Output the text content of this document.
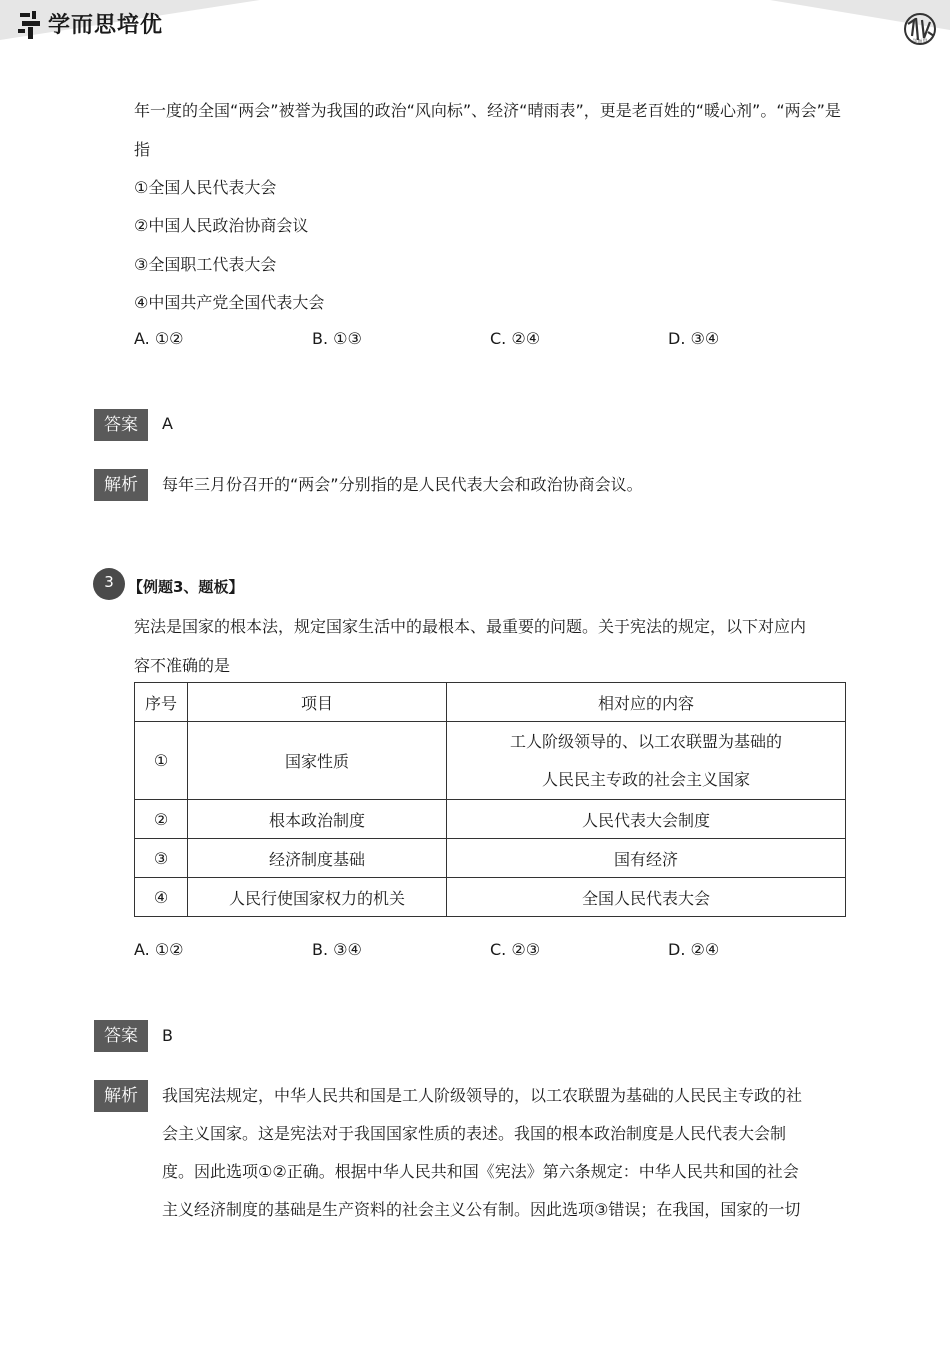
学而思培优
学而思
年一度的全国“两会”被誉为我国的政治“风向标”、经济“晴雨表”，更是老百姓的“暖心剂”。“两会”是
指
①全国人民代表大会
②中国人民政治协商会议
③全国职工代表大会
④中国共产党全国代表大会
A. ①②	B. ①③	C. ②④	D. ③④
答案	A
解析	每年三月份召开的“两会”分别指的是人民代表大会和政治协商会议。
3 【例题3、题板】
宪法是国家的根本法，规定国家生活中的最根本、最重要的问题。关于宪法的规定，以下对应内
容不准确的是
序号	项目	相对应的内容
①	国家性质	工人阶级领导的、以工农联盟为基础的
人民民主专政的社会主义国家

②	根本政治制度	人民代表大会制度
③	经济制度基础	国有经济
④	人民行使国家权力的机关	全国人民代表大会
A. ①②	B. ③④	C. ②③	D. ②④
答案	B
解析	我国宪法规定，中华人民共和国是工人阶级领导的，以工农联盟为基础的人民民主专政的社
会主义国家。这是宪法对于我国国家性质的表述。我国的根本政治制度是人民代表大会制
度。因此选项①②正确。根据中华人民共和国《宪法》第六条规定：中华人民共和国的社会
主义经济制度的基础是生产资料的社会主义公有制。因此选项③错误；在我国，国家的一切
